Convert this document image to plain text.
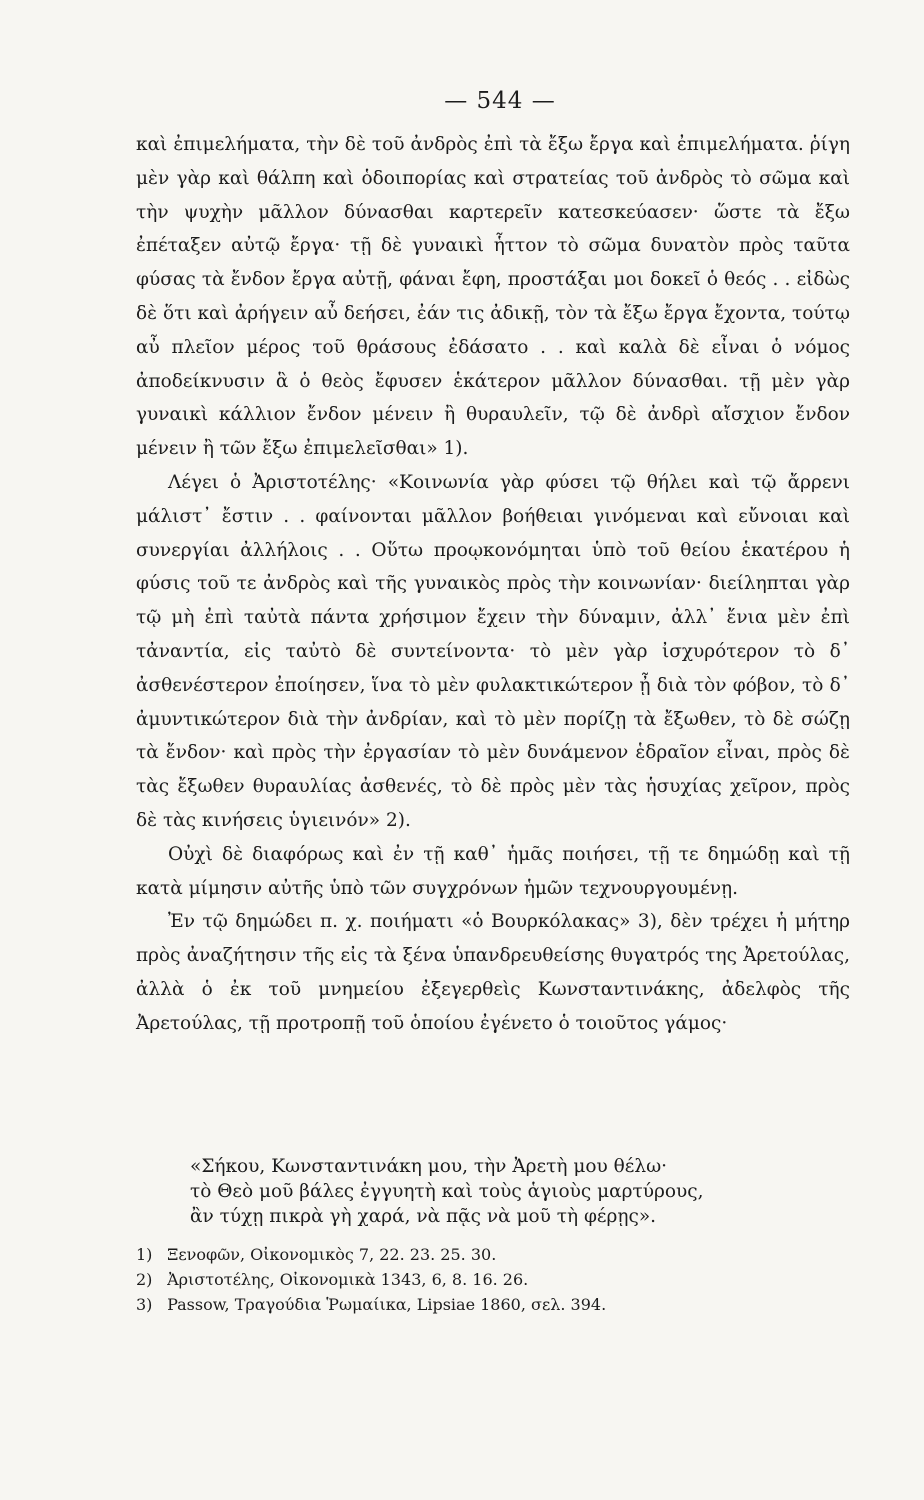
— 544 —

καὶ ἐπιμελήματα, τὴν δὲ τοῦ ἀνδρὸς ἐπὶ τὰ ἔξω ἔργα καὶ ἐπιμελήματα. ῥίγη μὲν γὰρ καὶ θάλπη καὶ ὁδοιπορίας καὶ στρατείας τοῦ ἀνδρὸς τὸ σῶμα καὶ τὴν ψυχὴν μᾶλλον δύνασθαι καρτερεῖν κατεσκεύασεν· ὥστε τὰ ἔξω ἐπέταξεν αὐτῷ ἔργα· τῇ δὲ γυναικὶ ἧττον τὸ σῶμα δυνατὸν πρὸς ταῦτα φύσας τὰ ἔνδον ἔργα αὐτῇ, φάναι ἔφη, προστάξαι μοι δοκεῖ ὁ θεός . . εἰδὼς δὲ ὅτι καὶ ἀρήγειν αὖ δεήσει, ἐάν τις ἀδικῇ, τὸν τὰ ἔξω ἔργα ἔχοντα, τούτῳ αὖ πλεῖον μέρος τοῦ θράσους ἐδάσατο . . καὶ καλὰ δὲ εἶναι ὁ νόμος ἀποδείκνυσιν ἃ ὁ θεὸς ἔφυσεν ἑκάτερον μᾶλλον δύνασθαι. τῇ μὲν γὰρ γυναικὶ κάλλιον ἔνδον μένειν ἢ θυραυλεῖν, τῷ δὲ ἀνδρὶ αἴσχιον ἔνδον μένειν ἢ τῶν ἔξω ἐπιμελεῖσθαι» 1).

Λέγει ὁ Ἀριστοτέλης· «Κοινωνία γὰρ φύσει τῷ θήλει καὶ τῷ ἄρρενι μάλιστ᾽ ἔστιν . . φαίνονται μᾶλλον βοήθειαι γινόμεναι καὶ εὔνοιαι καὶ συνεργίαι ἀλλήλοις . . Οὕτω προῳκονόμηται ὑπὸ τοῦ θείου ἑκατέρου ἡ φύσις τοῦ τε ἀνδρὸς καὶ τῆς γυναικὸς πρὸς τὴν κοινωνίαν· διείληπται γὰρ τῷ μὴ ἐπὶ ταὐτὰ πάντα χρήσιμον ἔχειν τὴν δύναμιν, ἀλλ᾽ ἔνια μὲν ἐπὶ τἀναντία, εἰς ταὐτὸ δὲ συντείνοντα· τὸ μὲν γὰρ ἰσχυρότερον τὸ δ᾽ ἀσθενέστερον ἐποίησεν, ἵνα τὸ μὲν φυλακτικώτερον ᾖ διὰ τὸν φόβον, τὸ δ᾽ ἀμυντικώτερον διὰ τὴν ἀνδρίαν, καὶ τὸ μὲν πορίζῃ τὰ ἔξωθεν, τὸ δὲ σώζῃ τὰ ἔνδον· καὶ πρὸς τὴν ἐργασίαν τὸ μὲν δυνάμενον ἑδραῖον εἶναι, πρὸς δὲ τὰς ἔξωθεν θυραυλίας ἀσθενές, τὸ δὲ πρὸς μὲν τὰς ἡσυχίας χεῖρον, πρὸς δὲ τὰς κινήσεις ὑγιεινόν» 2).

Οὐχὶ δὲ διαφόρως καὶ ἐν τῇ καθ᾽ ἡμᾶς ποιήσει, τῇ τε δημώδῃ καὶ τῇ κατὰ μίμησιν αὐτῆς ὑπὸ τῶν συγχρόνων ἡμῶν τεχνουργουμένῃ.

Ἐν τῷ δημώδει π. χ. ποιήματι «ὁ Βουρκόλακας» 3), δὲν τρέχει ἡ μήτηρ πρὸς ἀναζήτησιν τῆς εἰς τὰ ξένα ὑπανδρευθείσης θυγατρός της Ἀρετούλας, ἀλλὰ ὁ ἐκ τοῦ μνημείου ἐξεγερθεὶς Κωνσταντινάκης, ἀδελφὸς τῆς Ἀρετούλας, τῇ προτροπῇ τοῦ ὁποίου ἐγένετο ὁ τοιοῦτος γάμος·

«Σήκου, Κωνσταντινάκη μου, τὴν Ἀρετὴ μου θέλω·
τὸ Θεὸ μοῦ βάλες ἐγγυητὴ καὶ τοὺς ἁγιοὺς μαρτύρους,
ἂν τύχῃ πικρὰ γὴ χαρά, νὰ πᾷς νὰ μοῦ τὴ φέρῃς».
1) Ξενοφῶν, Οἰκονομικὸς 7, 22. 23. 25. 30.
2) Ἀριστοτέλης, Οἰκονομικὰ 1343, 6, 8. 16. 26.
3) Passow, Τραγούδια Ῥωμαίικα, Lipsiae 1860, σελ. 394.
